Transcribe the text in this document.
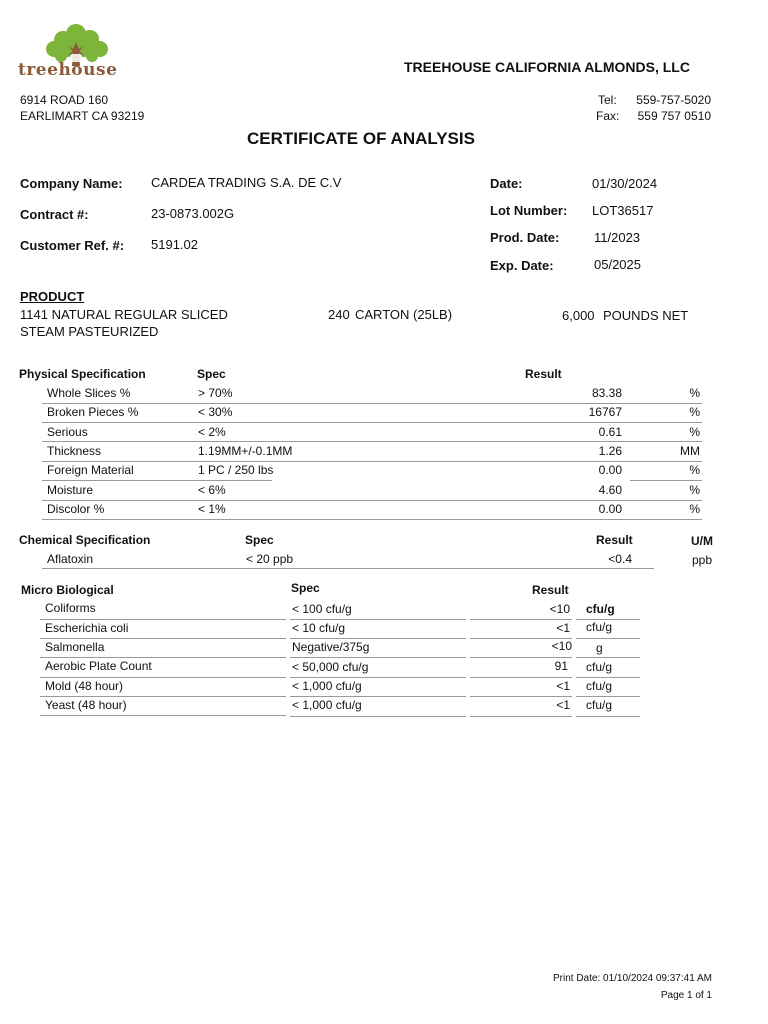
treehouse	TREEHOUSE CALIFORNIA ALMONDS, LLC
6914 ROAD 160
EARLIMART CA 93219
Tel:	559-757-5020
Fax:	559 757 0510
CERTIFICATE OF ANALYSIS
Company Name: CARDEA TRADING S.A. DE C.V
Contract #:	23-0873.002G
Customer Ref. #: 5191.02
Date:	01/30/2024
Lot Number: LOT36517
Prod. Date:	11/2023
Exp. Date:	05/2025
PRODUCT
1141 NATURAL REGULAR SLICED
STEAM PASTEURIZED
240 CARTON (25LB)	6,000 POUNDS NET
Physical Specification	Spec	Result
Whole Slices %	> 70%	83.38	%
Broken Pieces %	< 30%	16767	%
Serious	< 2%	0.61	%
Thickness	1.19MM+/-0.1MM	1.26	MM
Foreign Material	1 PC / 250 lbs	0.00	%
Moisture	< 6%	4.60	%
Discolor %	< 1%	0.00	%
Chemical Specification	Spec	Result	U/M
Aflatoxin	< 20 ppb	<0.4	ppb
Micro Biological	Spec	Result
Coliforms	< 100 cfu/g	<10 cfu/g
Escherichia coli	< 10 cfu/g	<1 cfu/g
Salmonella	Negative/375g	<10 g
Aerobic Plate Count	< 50,000 cfu/g	91 cfu/g
Mold (48 hour)	< 1,000 cfu/g	<1 cfu/g
Yeast (48 hour)	< 1,000 cfu/g	<1 cfu/g
Print Date: 01/10/2024 09:37:41 AM
Page 1 of 1
